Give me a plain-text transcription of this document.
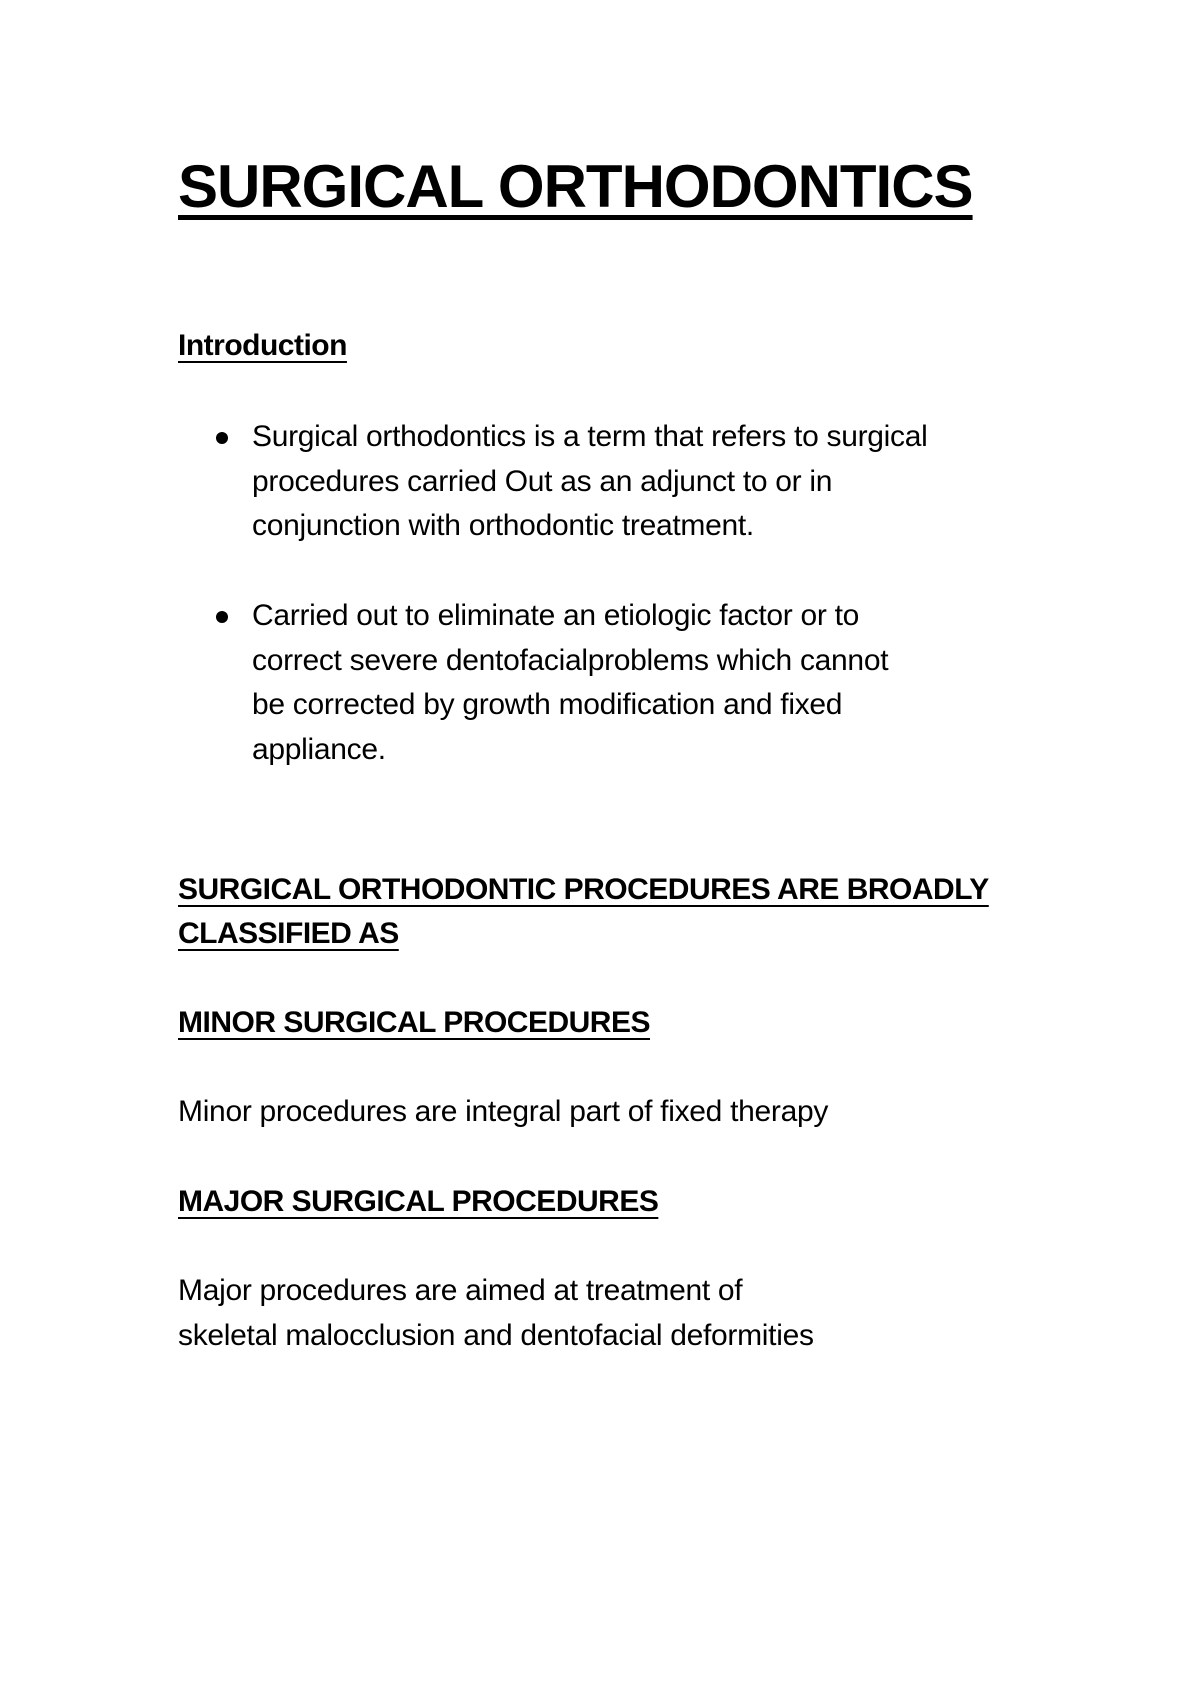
SURGICAL ORTHODONTICS
Introduction
Surgical orthodontics is a term that refers to surgical
procedures carried Out as an adjunct to or in
conjunction with orthodontic treatment.
Carried out to eliminate an etiologic factor or to
correct severe dentofacialproblems which cannot
be corrected by growth modification and fixed
appliance.
SURGICAL ORTHODONTIC PROCEDURES ARE BROADLY
CLASSIFIED AS
MINOR SURGICAL PROCEDURES

Minor procedures are integral part of fixed therapy

MAJOR SURGICAL PROCEDURES

Major procedures are aimed at treatment of
skeletal malocclusion and dentofacial deformities
